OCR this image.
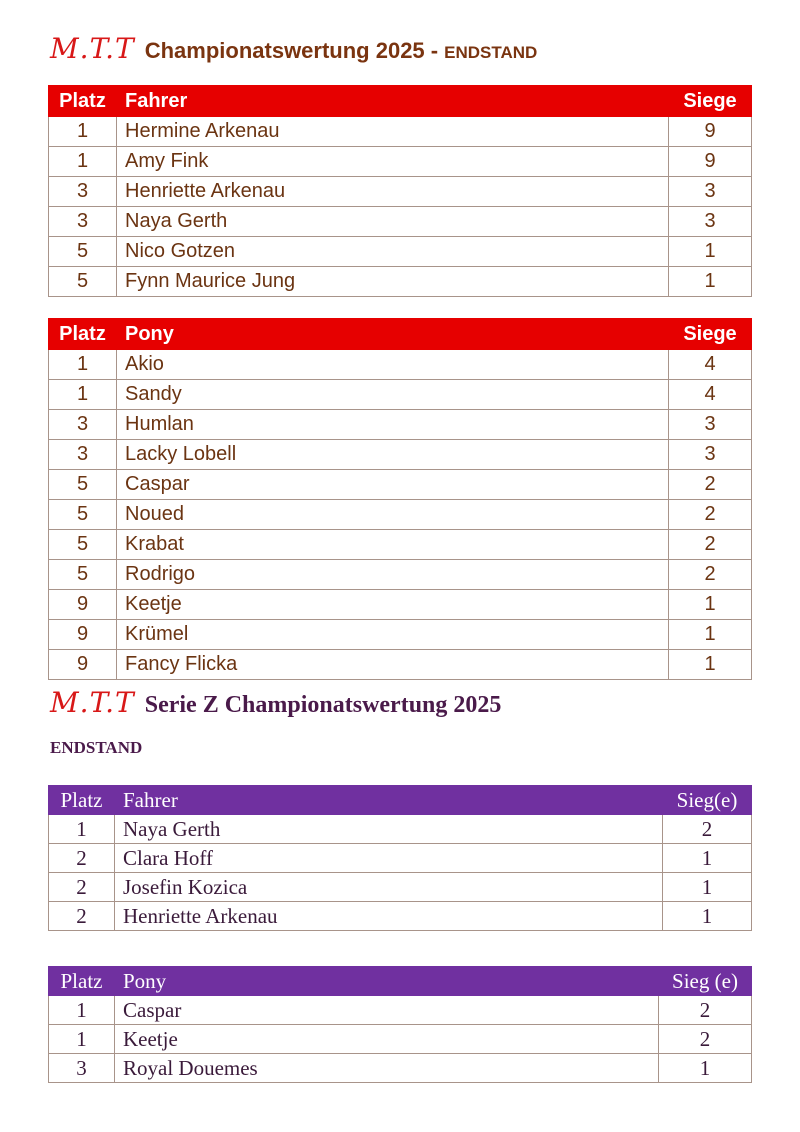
M.T.T Championatswertung 2025 - ENDSTAND
Platz	Fahrer	Siege
1	Hermine Arkenau	9
1	Amy Fink	9
3	Henriette Arkenau	3
3	Naya Gerth	3
5	Nico Gotzen	1
5	Fynn Maurice Jung	1
Platz	Pony	Siege
1	Akio	4
1	Sandy	4
3	Humlan	3
3	Lacky Lobell	3
5	Caspar	2
5	Noued	2
5	Krabat	2
5	Rodrigo	2
9	Keetje	1
9	Krümel	1
9	Fancy Flicka	1
M.T.T Serie Z Championatswertung 2025
ENDSTAND
Platz	Fahrer	Sieg(e)
1	Naya Gerth	2
2	Clara Hoff	1
2	Josefin Kozica	1
2	Henriette Arkenau	1
Platz	Pony	Sieg (e)
1	Caspar	2
1	Keetje	2
3	Royal Douemes	1
